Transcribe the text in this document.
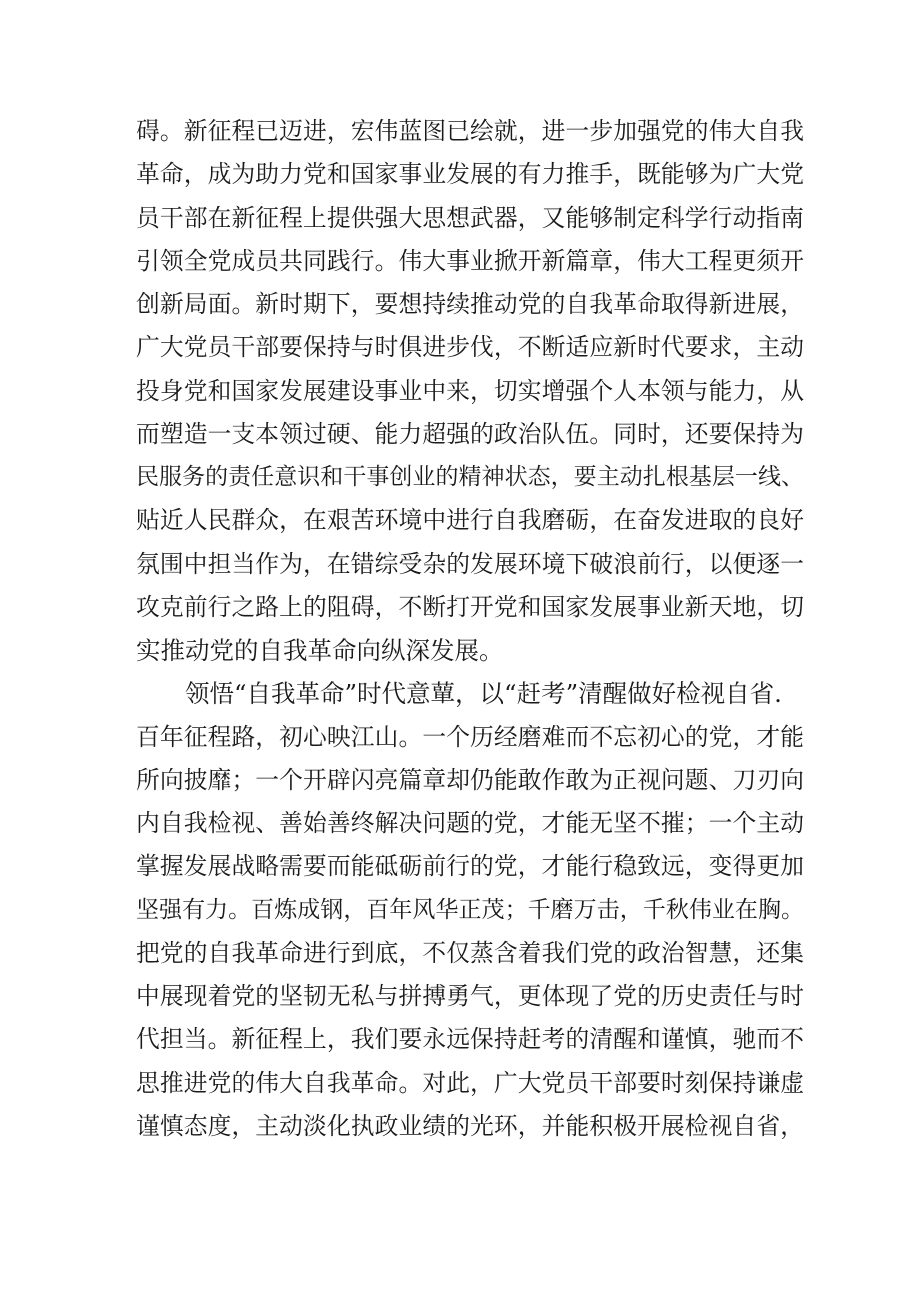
碍。新征程已迈进，宏伟蓝图已绘就，进一步加强党的伟大自我
革命，成为助力党和国家事业发展的有力推手，既能够为广大党
员干部在新征程上提供强大思想武器，又能够制定科学行动指南
引领全党成员共同践行。伟大事业掀开新篇章，伟大工程更须开
创新局面。新时期下，要想持续推动党的自我革命取得新进展，
广大党员干部要保持与时俱进步伐，不断适应新时代要求，主动
投身党和国家发展建设事业中来，切实增强个人本领与能力，从
而塑造一支本领过硬、能力超强的政治队伍。同时，还要保持为
民服务的责任意识和干事创业的精神状态，要主动扎根基层一线、
贴近人民群众，在艰苦环境中进行自我磨砺，在奋发进取的良好
氛围中担当作为，在错综受杂的发展环境下破浪前行，以便逐一
攻克前行之路上的阻碍，不断打开党和国家发展事业新天地，切
实推动党的自我革命向纵深发展。
领悟“自我革命”时代意蕇，以“赶考”清醒做好检视自省.
百年征程路，初心映江山。一个历经磨难而不忘初心的党，才能
所向披靡；一个开辟闪亮篇章却仍能敢作敢为正视问题、刀刃向
内自我检视、善始善终解决问题的党，才能无坚不摧；一个主动
掌握发展战略需要而能砥砺前行的党，才能行稳致远，变得更加
坚强有力。百炼成钢，百年风华正茂；千磨万击，千秋伟业在胸。
把党的自我革命进行到底，不仅蒸含着我们党的政治智慧，还集
中展现着党的坚韧无私与拼搏勇气，更体现了党的历史责任与时
代担当。新征程上，我们要永远保持赶考的清醒和谨慎，驰而不
思推进党的伟大自我革命。对此，广大党员干部要时刻保持谦虚
谨慎态度，主动淡化执政业绩的光环，并能积极开展检视自省，
